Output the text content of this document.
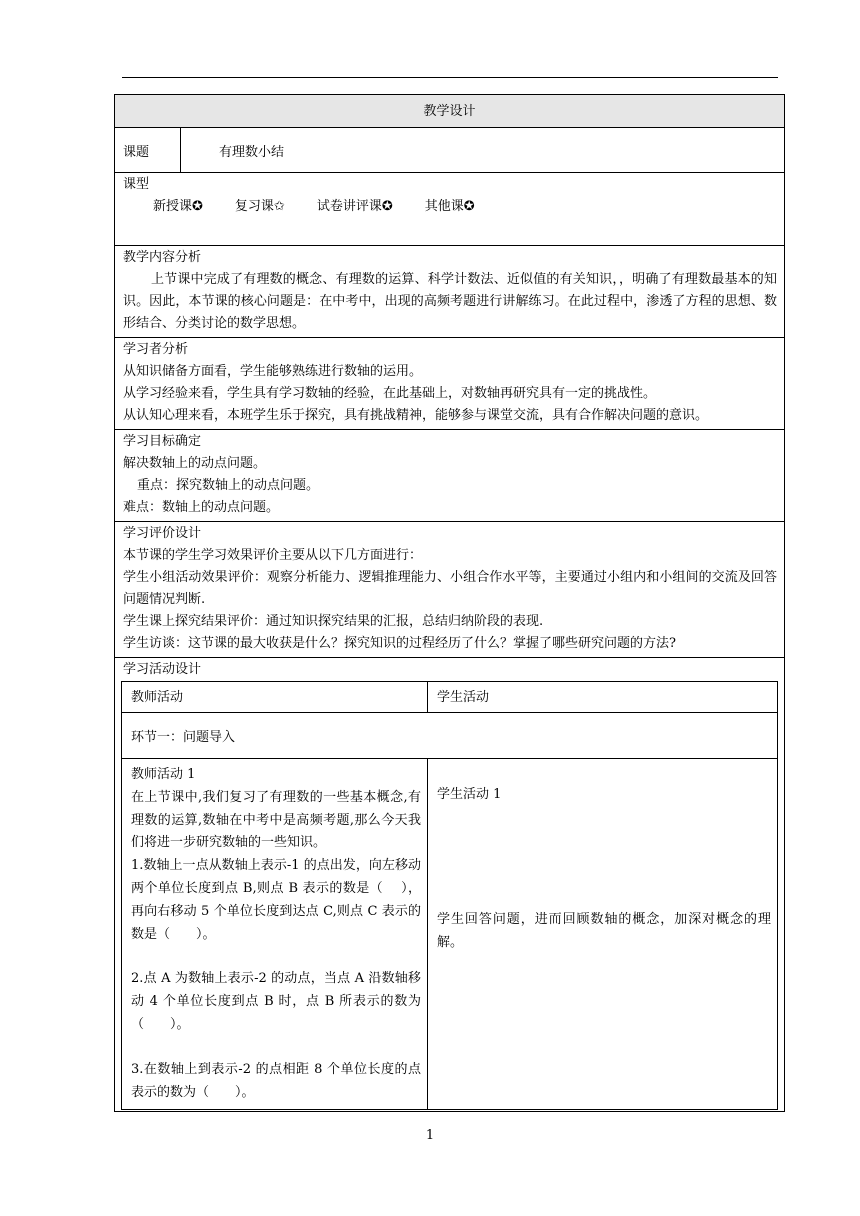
教学设计
课题	有理数小结
课型
新授课✪ 复习课✩ 试卷讲评课✪ 其他课✪
教学内容分析
上节课中完成了有理数的概念、有理数的运算、科学计数法、近似值的有关知识，，明确了有理数最基本的知识。因此，本节课的核心问题是：在中考中，出现的高频考题进行讲解练习。在此过程中，渗透了方程的思想、数形结合、分类讨论的数学思想。
学习者分析
从知识储备方面看，学生能够熟练进行数轴的运用。
从学习经验来看，学生具有学习数轴的经验，在此基础上，对数轴再研究具有一定的挑战性。
从认知心理来看，本班学生乐于探究，具有挑战精神，能够参与课堂交流，具有合作解决问题的意识。
学习目标确定
解决数轴上的动点问题。
重点：探究数轴上的动点问题。
难点：数轴上的动点问题。
学习评价设计
本节课的学生学习效果评价主要从以下几方面进行：
学生小组活动效果评价：观察分析能力、逻辑推理能力、小组合作水平等，主要通过小组内和小组间的交流及回答问题情况判断.
学生课上探究结果评价：通过知识探究结果的汇报，总结归纳阶段的表现.
学生访谈：这节课的最大收获是什么？探究知识的过程经历了什么？掌握了哪些研究问题的方法?
学习活动设计
教师活动	学生活动
环节一：问题导入
教师活动 1
在上节课中,我们复习了有理数的一些基本概念,有理数的运算,数轴在中考中是高频考题,那么今天我们将进一步研究数轴的一些知识。
1.数轴上一点从数轴上表示-1 的点出发，向左移动两个单位长度到点 B,则点 B 表示的数是（　 ），再向右移动 5 个单位长度到达点 C,则点 C 表示的数是（　　）。
2.点 A 为数轴上表示-2 的动点，当点 A 沿数轴移动 4 个单位长度到点 B 时，点 B 所表示的数为（　　）。
3.在数轴上到表示-2 的点相距 8 个单位长度的点表示的数为（　　）。
学生活动 1
学生回答问题，进而回顾数轴的概念，加深对概念的理解。
1
